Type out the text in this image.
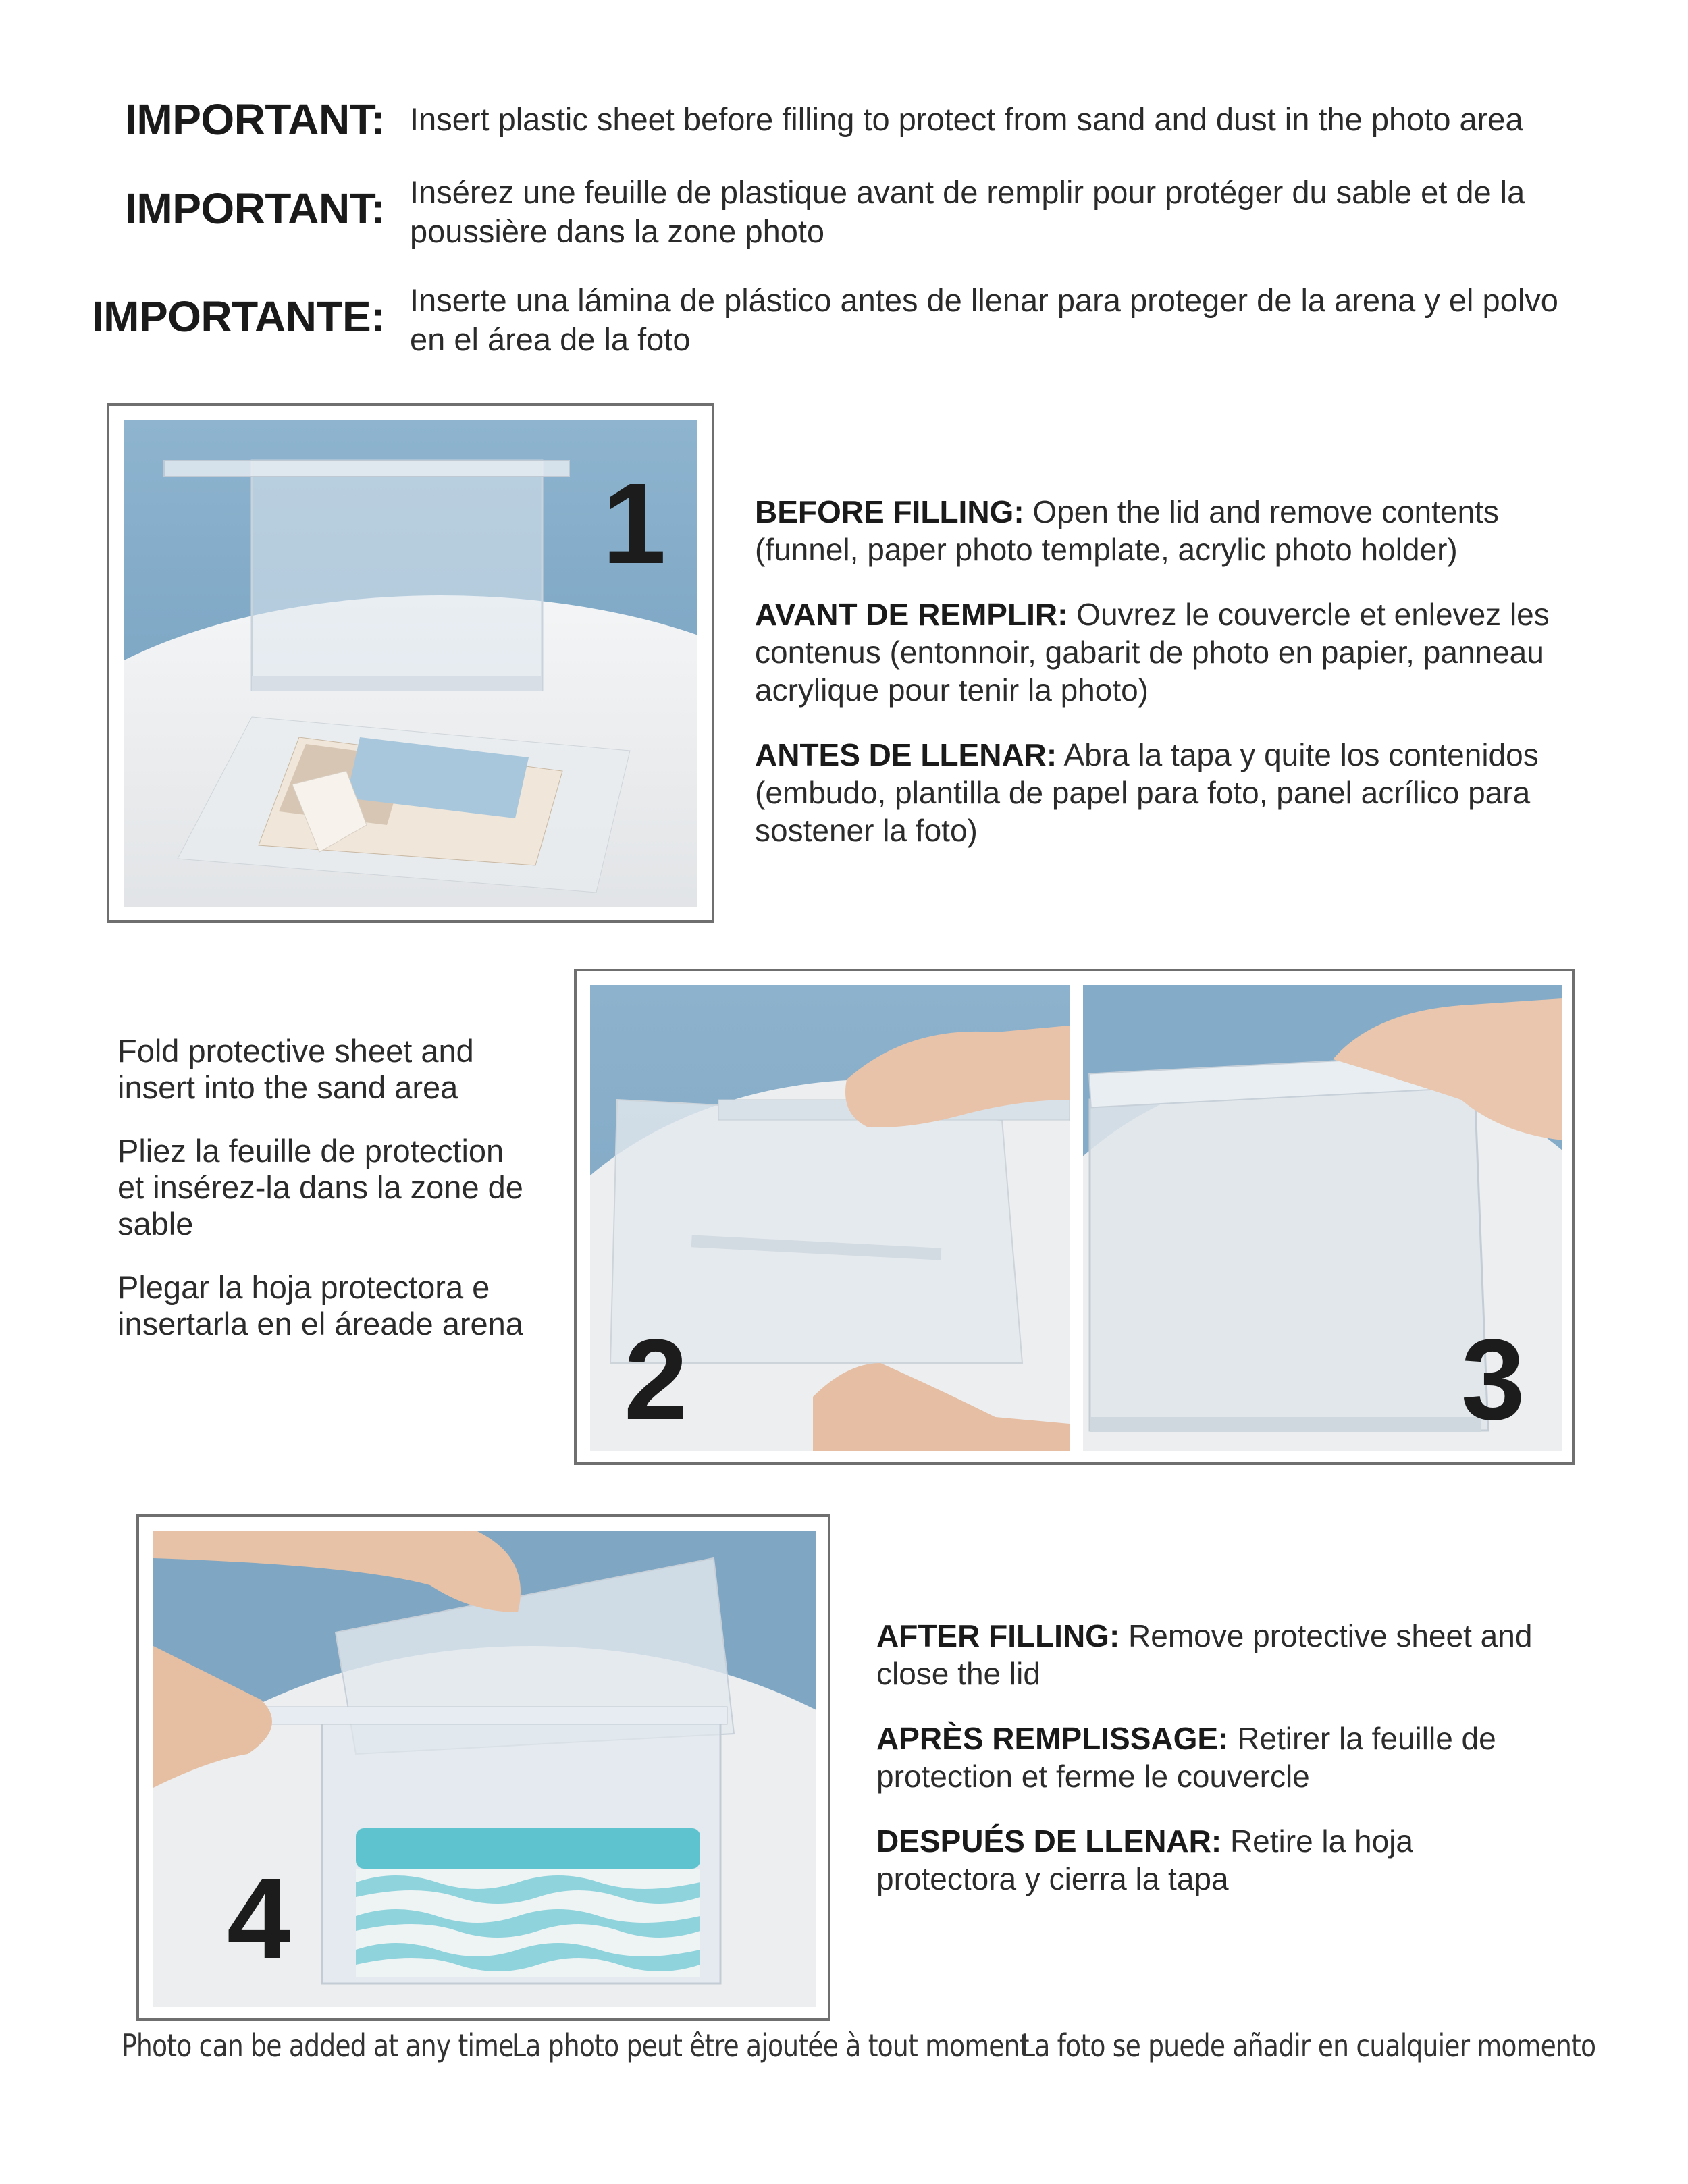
IMPORTANT: Insert plastic sheet before filling to protect from sand and dust in the photo area
IMPORTANT: Insérez une feuille de plastique avant de remplir pour protéger du sable et de la poussière dans la zone photo
IMPORTANTE: Inserte una lámina de plástico antes de llenar para proteger de la arena y el polvo en el área de la foto
1	BEFORE FILLING: Open the lid and remove contents (funnel, paper photo template, acrylic photo holder)

AVANT DE REMPLIR: Ouvrez le couvercle et enlevez les contenus (entonnoir, gabarit de photo en papier, panneau acrylique pour tenir la photo)

ANTES DE LLENAR: Abra la tapa y quite los contenidos (embudo, plantilla de papel para foto, panel acrílico para sostener la foto)

Fold protective sheet and insert into the sand area

Pliez la feuille de protection et insérez-la dans la zone de sable

Plegar la hoja protectora e insertarla en el áreade arena 2	3
4

AFTER FILLING: Remove protective sheet and close the lid

APRÈS REMPLISSAGE: Retirer la feuille de protection et ferme le couvercle

DESPUÉS DE LLENAR: Retire la hoja protectora y cierra la tapa

Photo can be added at any time
La photo peut être ajoutée à tout moment
La foto se puede añadir en cualquier momento
